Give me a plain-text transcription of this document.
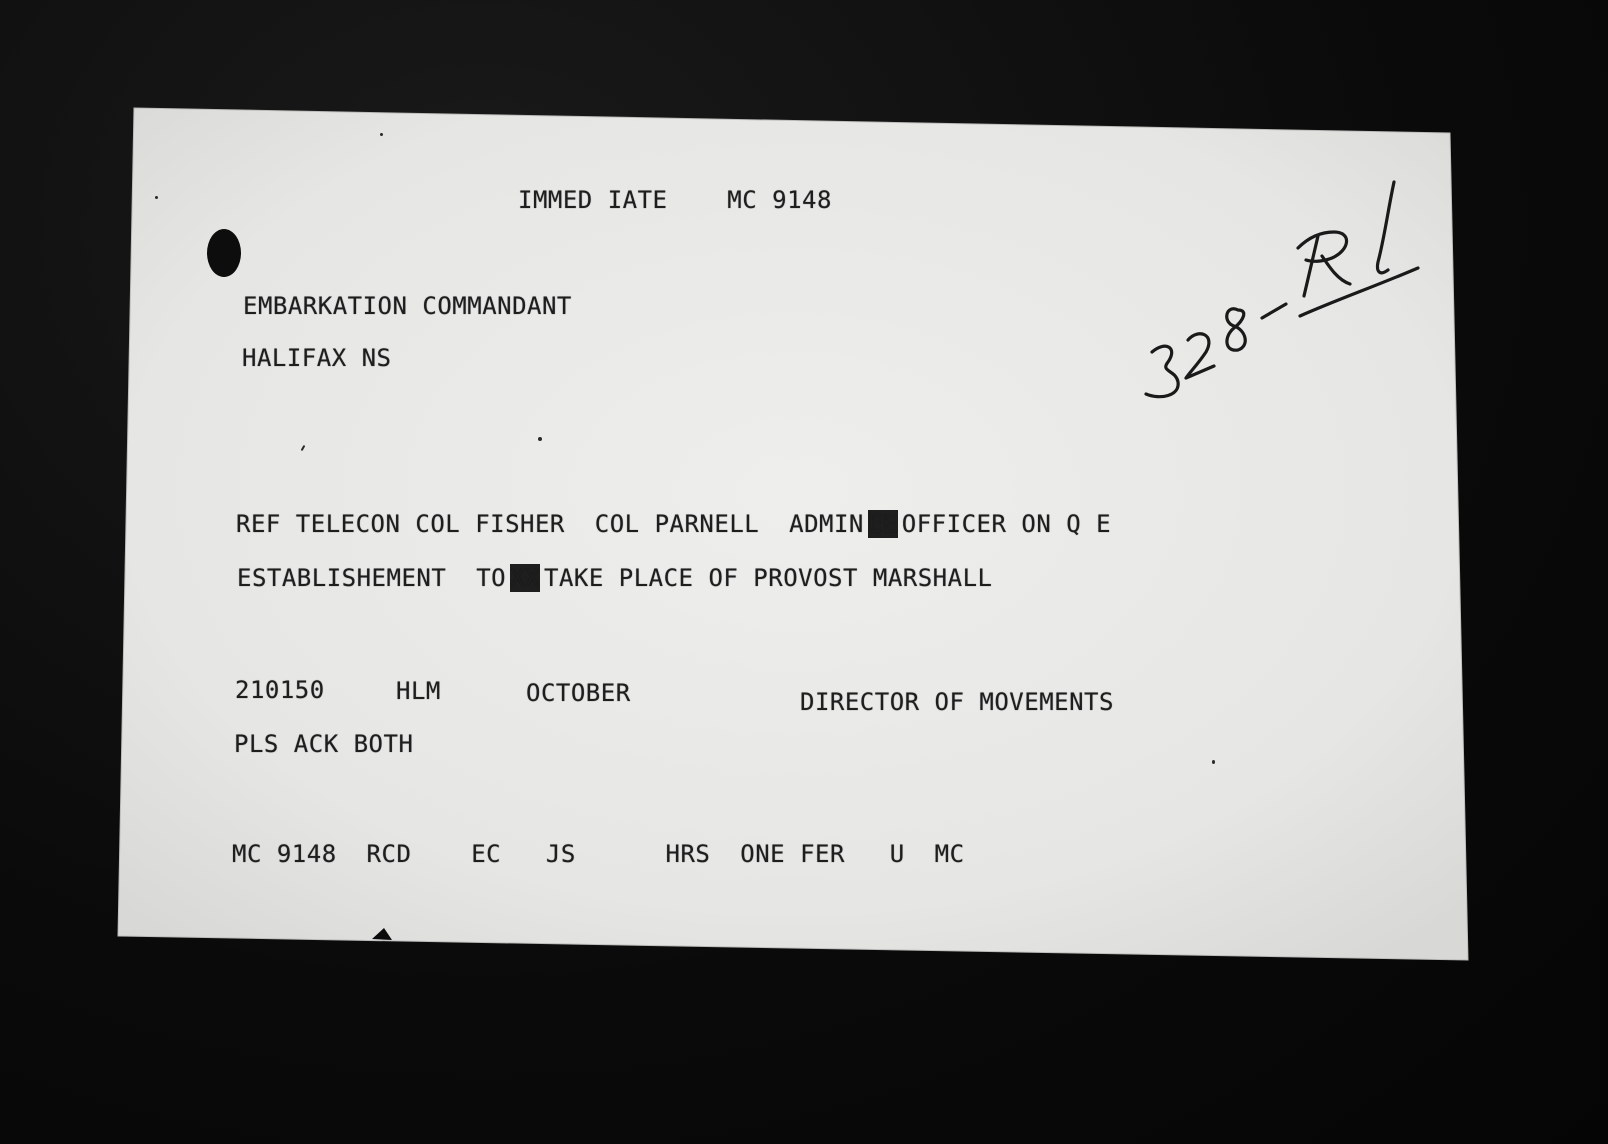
IMMED IATE MC 9148
EMBARKATION COMMANDANT
HALIFAX NS
REF TELECON COL FISHER  COL PARNELL  ADMIN EE OFFICER ON Q E
ESTABLISHEMENT  TO XX TAKE PLACE OF PROVOST MARSHALL
210150	HLM	OCTOBER	DIRECTOR OF MOVEMENTS
PLS ACK BOTH
MC 9148  RCD    EC   JS      HRS  ONE FER   U  MC
